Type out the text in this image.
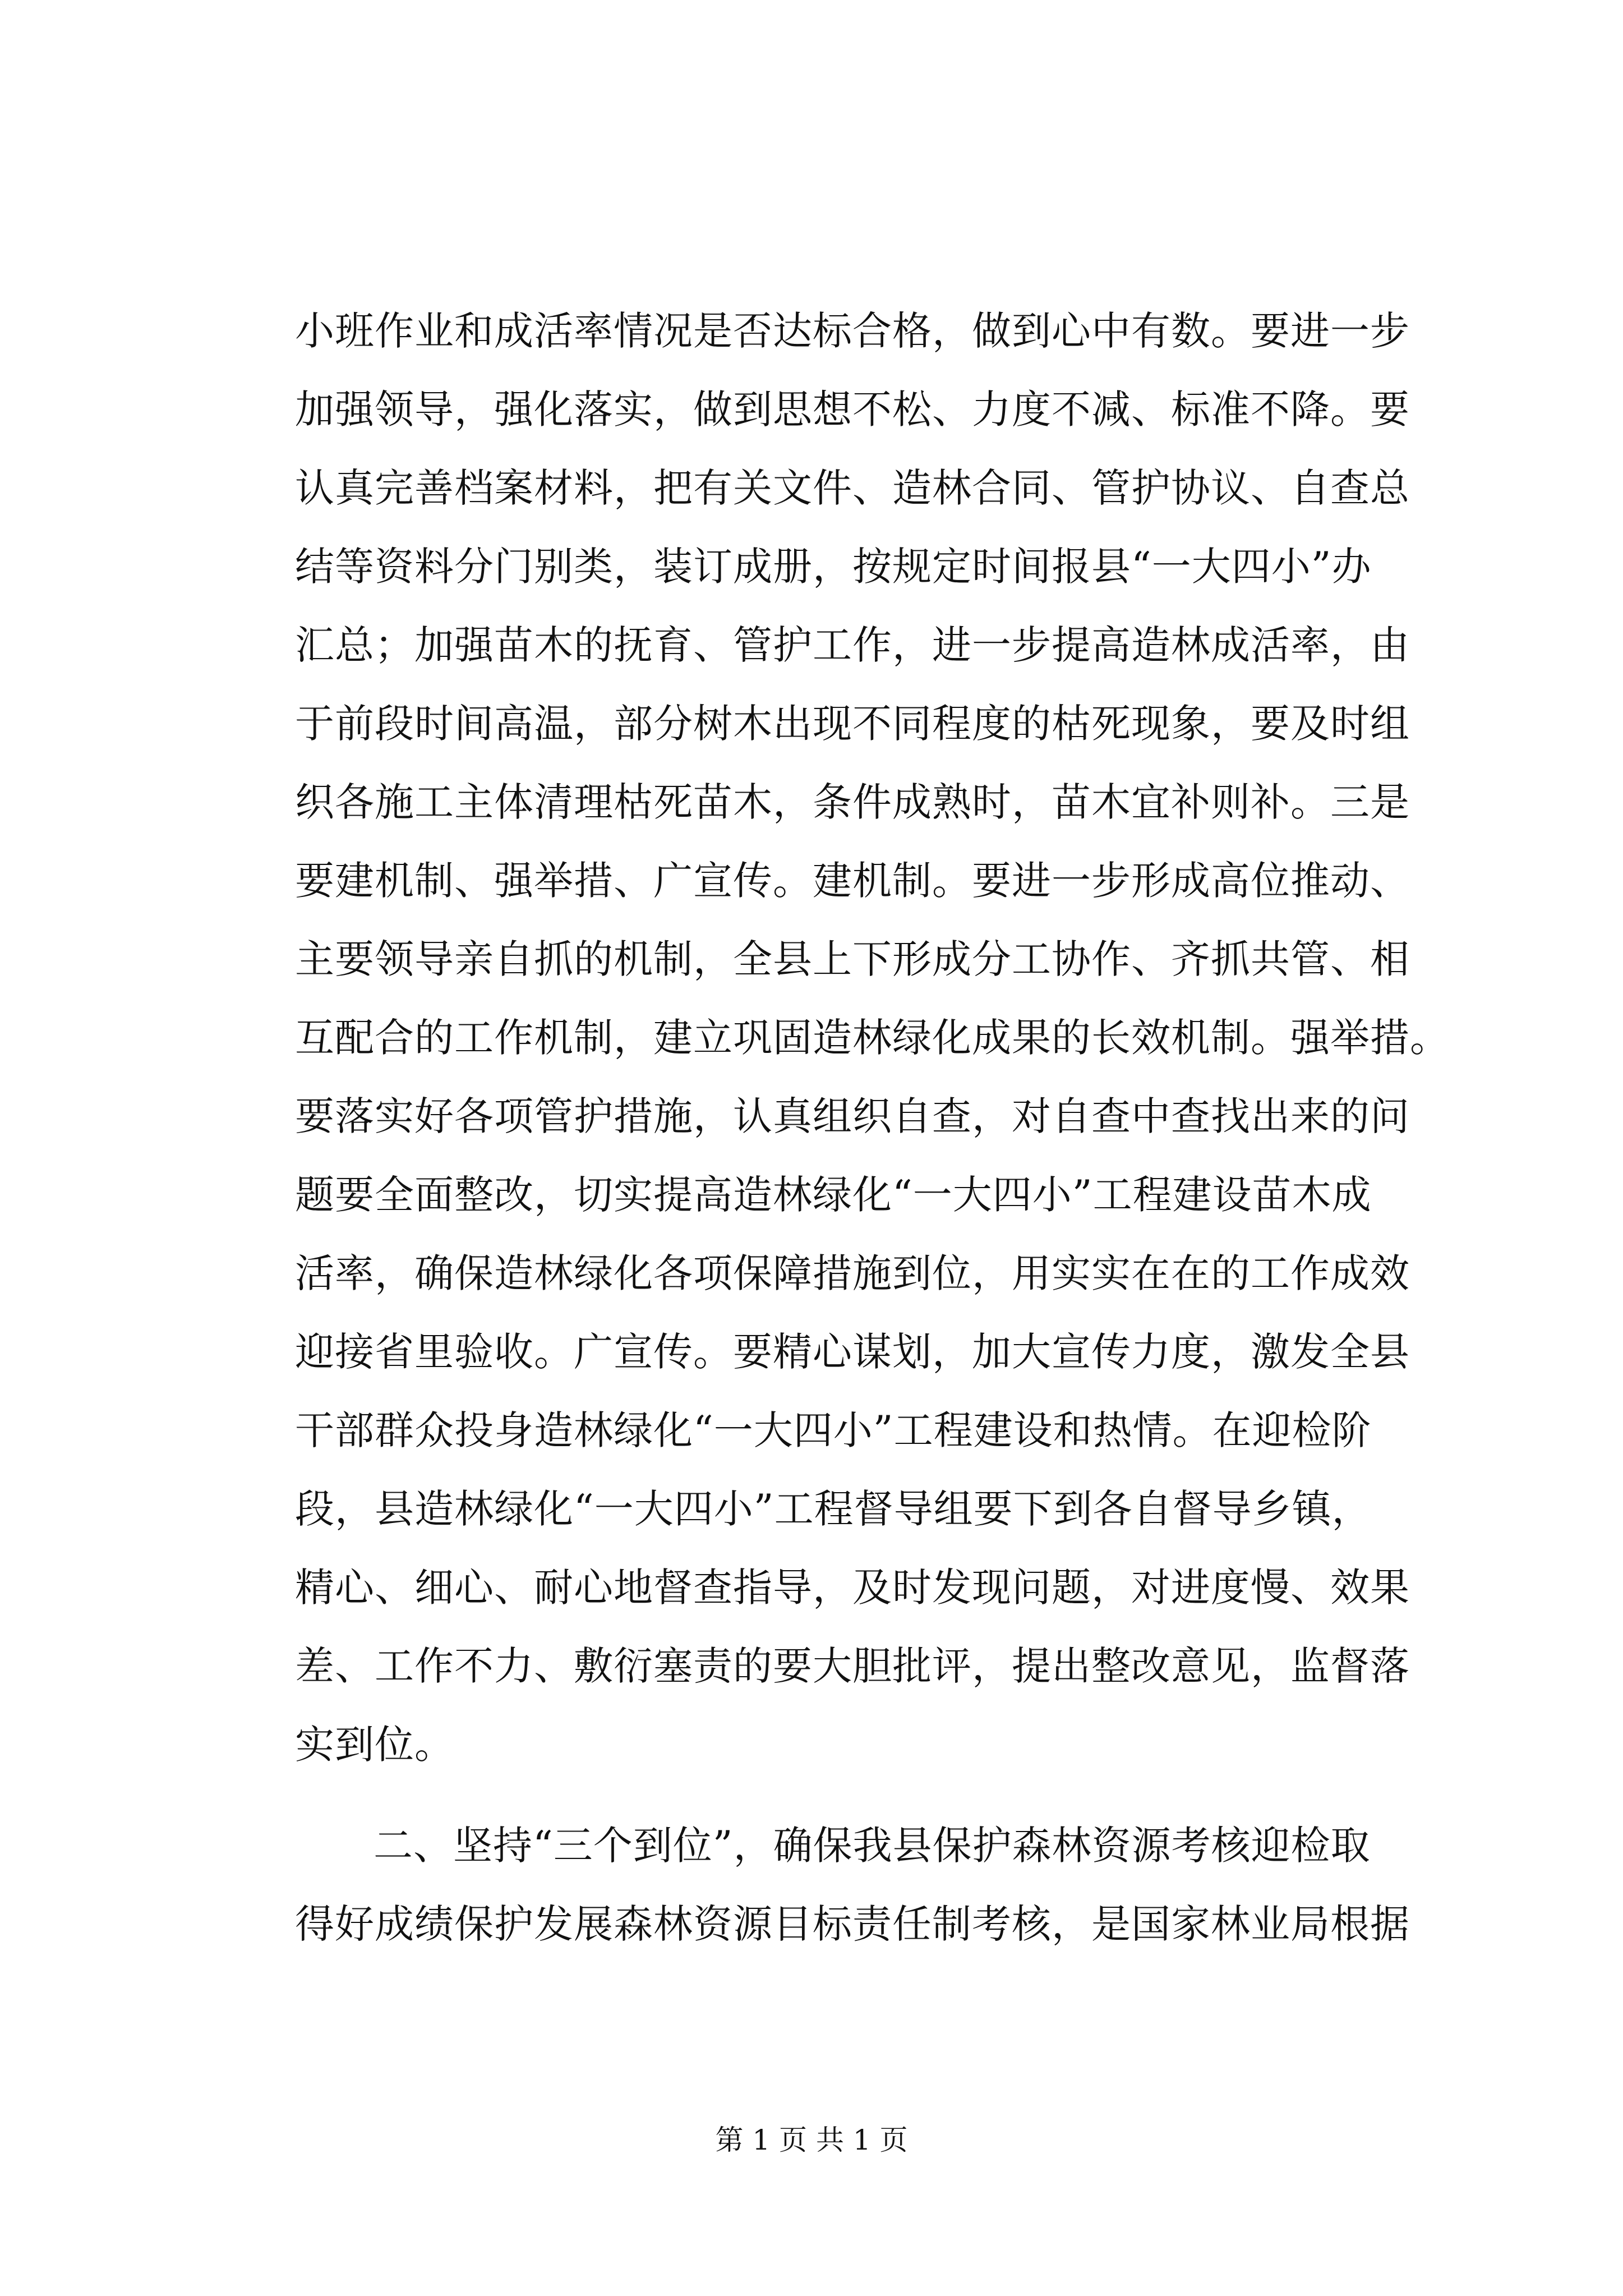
小班作业和成活率情况是否达标合格，做到心中有数。要进一步
加强领导，强化落实，做到思想不松、力度不减、标准不降。要
认真完善档案材料，把有关文件、造林合同、管护协议、自查总
结等资料分门别类，装订成册，按规定时间报县“一大四小”办
汇总；加强苗木的抚育、管护工作，进一步提高造林成活率，由
于前段时间高温，部分树木出现不同程度的枯死现象，要及时组
织各施工主体清理枯死苗木，条件成熟时，苗木宜补则补。三是
要建机制、强举措、广宣传。建机制。要进一步形成高位推动、
主要领导亲自抓的机制，全县上下形成分工协作、齐抓共管、相
互配合的工作机制，建立巩固造林绿化成果的长效机制。强举措。
要落实好各项管护措施，认真组织自查，对自查中查找出来的问
题要全面整改，切实提高造林绿化“一大四小”工程建设苗木成
活率，确保造林绿化各项保障措施到位，用实实在在的工作成效
迎接省里验收。广宣传。要精心谋划，加大宣传力度，激发全县
干部群众投身造林绿化“一大四小”工程建设和热情。在迎检阶
段，县造林绿化“一大四小”工程督导组要下到各自督导乡镇，
精心、细心、耐心地督查指导，及时发现问题，对进度慢、效果
差、工作不力、敷衍塞责的要大胆批评，提出整改意见，监督落
实到位。
二、坚持“三个到位”，确保我县保护森林资源考核迎检取
得好成绩保护发展森林资源目标责任制考核，是国家林业局根据
第 1 页 共 1 页
